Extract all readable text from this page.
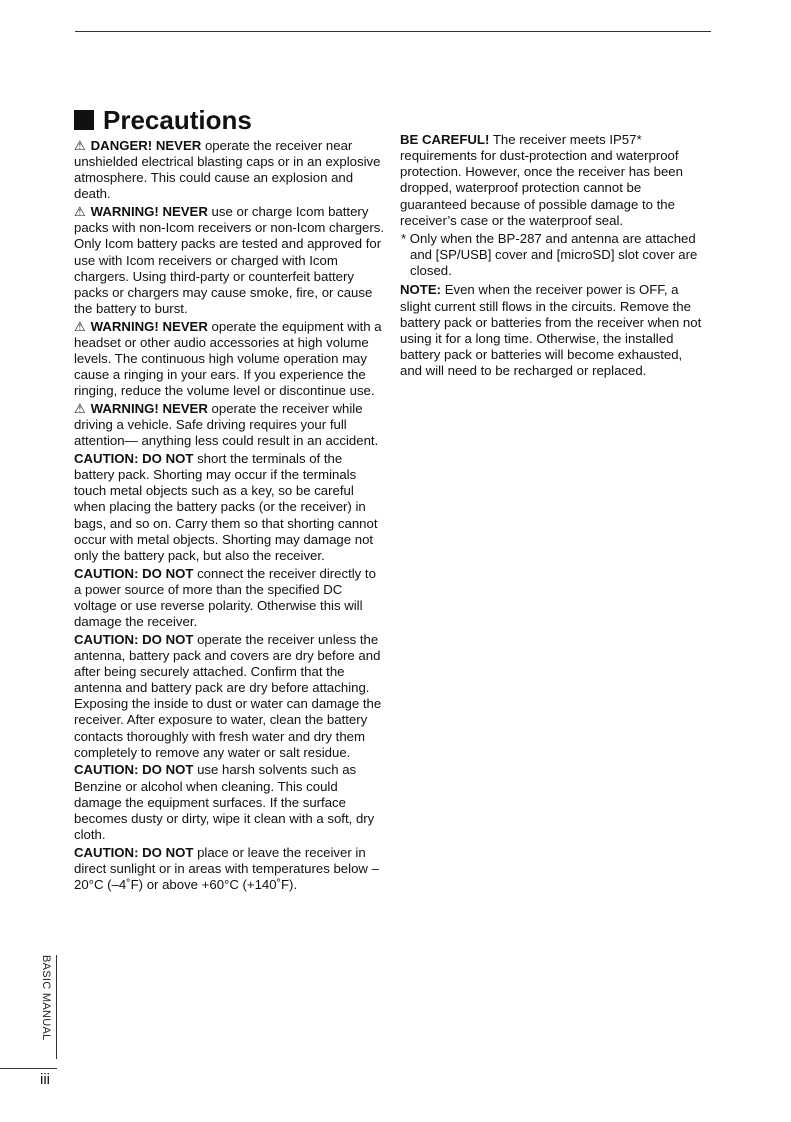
Precautions

⚠ DANGER! NEVER operate the receiver near unshielded electrical blasting caps or in an explosive atmosphere. This could cause an explosion and death.

⚠ WARNING! NEVER use or charge Icom battery packs with non-Icom receivers or non-Icom chargers. Only Icom battery packs are tested and approved for use with Icom receivers or charged with Icom chargers. Using third-party or counterfeit battery packs or chargers may cause smoke, fire, or cause the battery to burst.

⚠ WARNING! NEVER operate the equipment with a headset or other audio accessories at high volume levels. The continuous high volume operation may cause a ringing in your ears. If you experience the ringing, reduce the volume level or discontinue use.

⚠ WARNING! NEVER operate the receiver while driving a vehicle. Safe driving requires your full attention— anything less could result in an accident.

CAUTION: DO NOT short the terminals of the battery pack. Shorting may occur if the terminals touch metal objects such as a key, so be careful when placing the battery packs (or the receiver) in bags, and so on. Carry them so that shorting cannot occur with metal objects. Shorting may damage not only the battery pack, but also the receiver.

CAUTION: DO NOT connect the receiver directly to a power source of more than the specified DC voltage or use reverse polarity. Otherwise this will damage the receiver.

CAUTION: DO NOT operate the receiver unless the antenna, battery pack and covers are dry before and after being securely attached. Confirm that the antenna and battery pack are dry before attaching. Exposing the inside to dust or water can damage the receiver. After exposure to water, clean the battery contacts thoroughly with fresh water and dry them completely to remove any water or salt residue.

CAUTION: DO NOT use harsh solvents such as Benzine or alcohol when cleaning. This could damage the equipment surfaces. If the surface becomes dusty or dirty, wipe it clean with a soft, dry cloth.

CAUTION: DO NOT place or leave the receiver in direct sunlight or in areas with temperatures below –20°C (–4˚F) or above +60°C (+140˚F).

BE CAREFUL! The receiver meets IP57* requirements for dust-protection and waterproof protection. However, once the receiver has been dropped, waterproof protection cannot be guaranteed because of possible damage to the receiver’s case or the waterproof seal.

* Only when the BP-287 and antenna are attached and [SP/USB] cover and [microSD] slot cover are closed.

NOTE: Even when the receiver power is OFF, a slight current still flows in the circuits. Remove the battery pack or batteries from the receiver when not using it for a long time. Otherwise, the installed battery pack or batteries will become exhausted, and will need to be recharged or replaced.

BASIC MANUAL
iii
